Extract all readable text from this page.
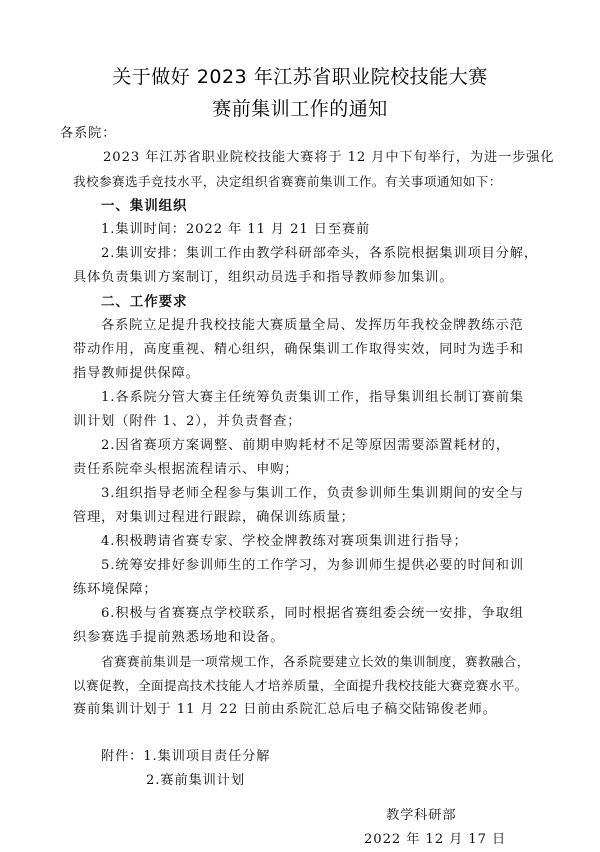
关于做好 2023 年江苏省职业院校技能大赛
赛前集训工作的通知
各系院：
2023 年江苏省职业院校技能大赛将于 12 月中下旬举行，为进一步强化
我校参赛选手竞技水平，决定组织省赛赛前集训工作。有关事项通知如下：
一、集训组织
1.集训时间：2022 年 11 月 21 日至赛前
2.集训安排：集训工作由教学科研部牵头，各系院根据集训项目分解，
具体负责集训方案制订，组织动员选手和指导教师参加集训。
二、工作要求
各系院立足提升我校技能大赛质量全局、发挥历年我校金牌教练示范
带动作用，高度重视、精心组织，确保集训工作取得实效，同时为选手和
指导教师提供保障。
1.各系院分管大赛主任统筹负责集训工作，指导集训组长制订赛前集
训计划（附件 1、2），并负责督查；
2.因省赛项方案调整、前期申购耗材不足等原因需要添置耗材的，
责任系院牵头根据流程请示、申购；
3.组织指导老师全程参与集训工作，负责参训师生集训期间的安全与
管理，对集训过程进行跟踪，确保训练质量；
4.积极聘请省赛专家、学校金牌教练对赛项集训进行指导；
5.统筹安排好参训师生的工作学习，为参训师生提供必要的时间和训
练环境保障；
6.积极与省赛赛点学校联系，同时根据省赛组委会统一安排，争取组
织参赛选手提前熟悉场地和设备。
省赛赛前集训是一项常规工作，各系院要建立长效的集训制度，赛教融合，
以赛促教，全面提高技术技能人才培养质量，全面提升我校技能大赛竞赛水平。
赛前集训计划于 11 月 22 日前由系院汇总后电子稿交陆锦俊老师。
附件：1.集训项目责任分解
2.赛前集训计划
教学科研部
2022 年 12 月 17 日
